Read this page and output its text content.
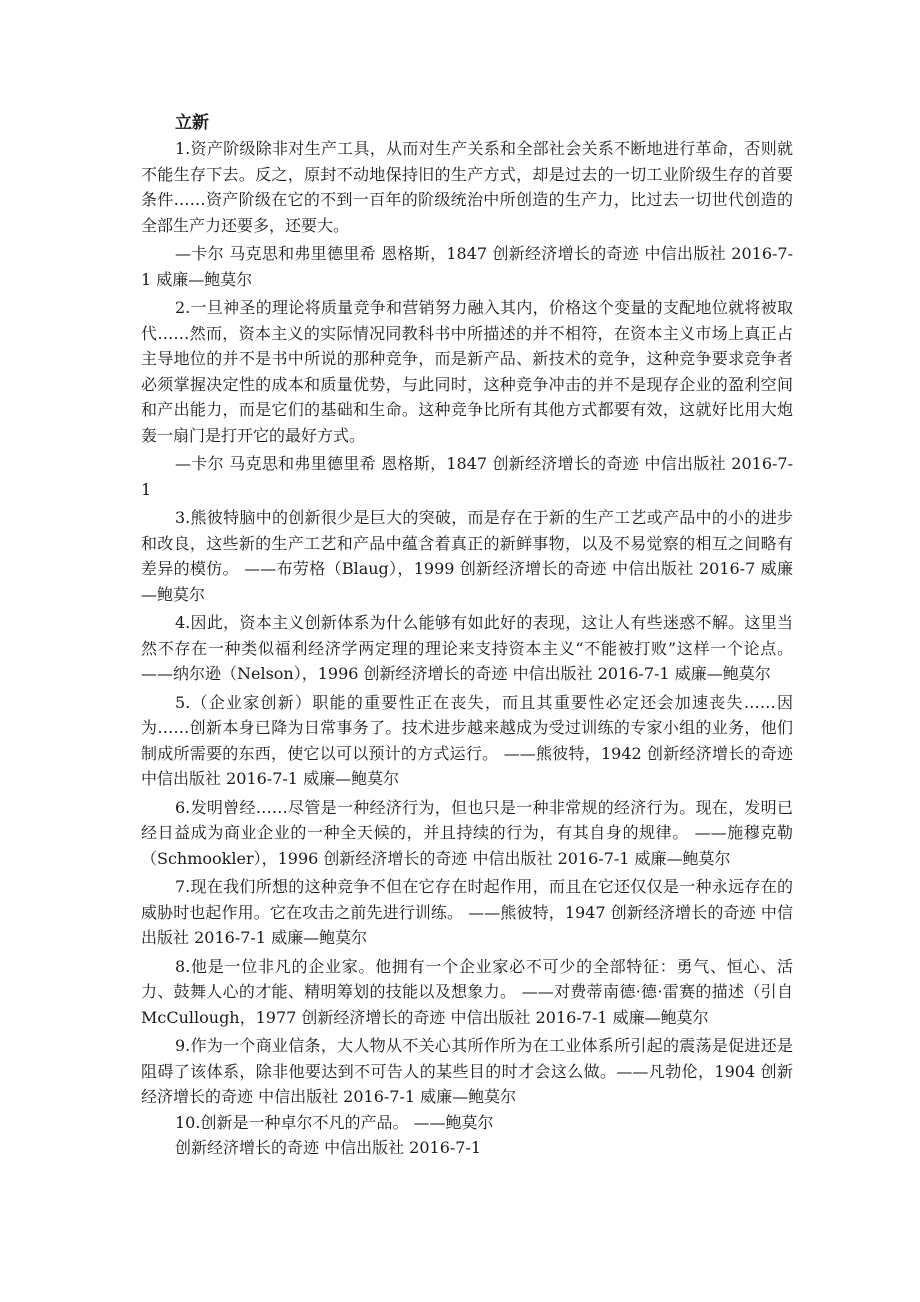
立新

1.资产阶级除非对生产工具，从而对生产关系和全部社会关系不断地进行革命，否则就不能生存下去。反之，原封不动地保持旧的生产方式，却是过去的一切工业阶级生存的首要条件……资产阶级在它的不到一百年的阶级统治中所创造的生产力，比过去一切世代创造的全部生产力还要多，还要大。

—卡尔 马克思和弗里德里希 恩格斯，1847 创新经济增长的奇迹 中信出版社 2016-7-1 威廉—鲍莫尔

2.一旦神圣的理论将质量竞争和营销努力融入其内，价格这个变量的支配地位就将被取代……然而，资本主义的实际情况同教科书中所描述的并不相符，在资本主义市场上真正占主导地位的并不是书中所说的那种竞争，而是新产品、新技术的竞争，这种竞争要求竞争者必须掌握决定性的成本和质量优势，与此同时，这种竞争冲击的并不是现存企业的盈利空间和产出能力，而是它们的基础和生命。这种竞争比所有其他方式都要有效，这就好比用大炮轰一扇门是打开它的最好方式。

—卡尔 马克思和弗里德里希 恩格斯，1847 创新经济增长的奇迹 中信出版社 2016-7-1

3.熊彼特脑中的创新很少是巨大的突破，而是存在于新的生产工艺或产品中的小的进步和改良，这些新的生产工艺和产品中蕴含着真正的新鲜事物，以及不易觉察的相互之间略有差异的模仿。 ——布劳格（Blaug），1999 创新经济增长的奇迹 中信出版社 2016-7 威廉—鲍莫尔

4.因此，资本主义创新体系为什么能够有如此好的表现，这让人有些迷惑不解。这里当然不存在一种类似福利经济学两定理的理论来支持资本主义“不能被打败”这样一个论点。 ——纳尔逊（Nelson），1996 创新经济增长的奇迹 中信出版社 2016-7-1 威廉—鲍莫尔

5.（企业家创新）职能的重要性正在丧失，而且其重要性必定还会加速丧失……因为……创新本身已降为日常事务了。技术进步越来越成为受过训练的专家小组的业务，他们制成所需要的东西，使它以可以预计的方式运行。 ——熊彼特，1942 创新经济增长的奇迹 中信出版社 2016-7-1 威廉—鲍莫尔

6.发明曾经……尽管是一种经济行为，但也只是一种非常规的经济行为。现在，发明已经日益成为商业企业的一种全天候的，并且持续的行为，有其自身的规律。 ——施穆克勒（Schmookler），1996 创新经济增长的奇迹 中信出版社 2016-7-1 威廉—鲍莫尔

7.现在我们所想的这种竞争不但在它存在时起作用，而且在它还仅仅是一种永远存在的威胁时也起作用。它在攻击之前先进行训练。 ——熊彼特，1947 创新经济增长的奇迹 中信出版社 2016-7-1 威廉—鲍莫尔

8.他是一位非凡的企业家。他拥有一个企业家必不可少的全部特征：勇气、恒心、活力、鼓舞人心的才能、精明筹划的技能以及想象力。 ——对费蒂南德·德·雷赛的描述（引自 McCullough，1977 创新经济增长的奇迹 中信出版社 2016-7-1 威廉—鲍莫尔

9.作为一个商业信条，大人物从不关心其所作所为在工业体系所引起的震荡是促进还是阻碍了该体系，除非他要达到不可告人的某些目的时才会这么做。——凡勃伦，1904 创新经济增长的奇迹 中信出版社 2016-7-1 威廉—鲍莫尔

10.创新是一种卓尔不凡的产品。 ——鲍莫尔

创新经济增长的奇迹 中信出版社 2016-7-1
